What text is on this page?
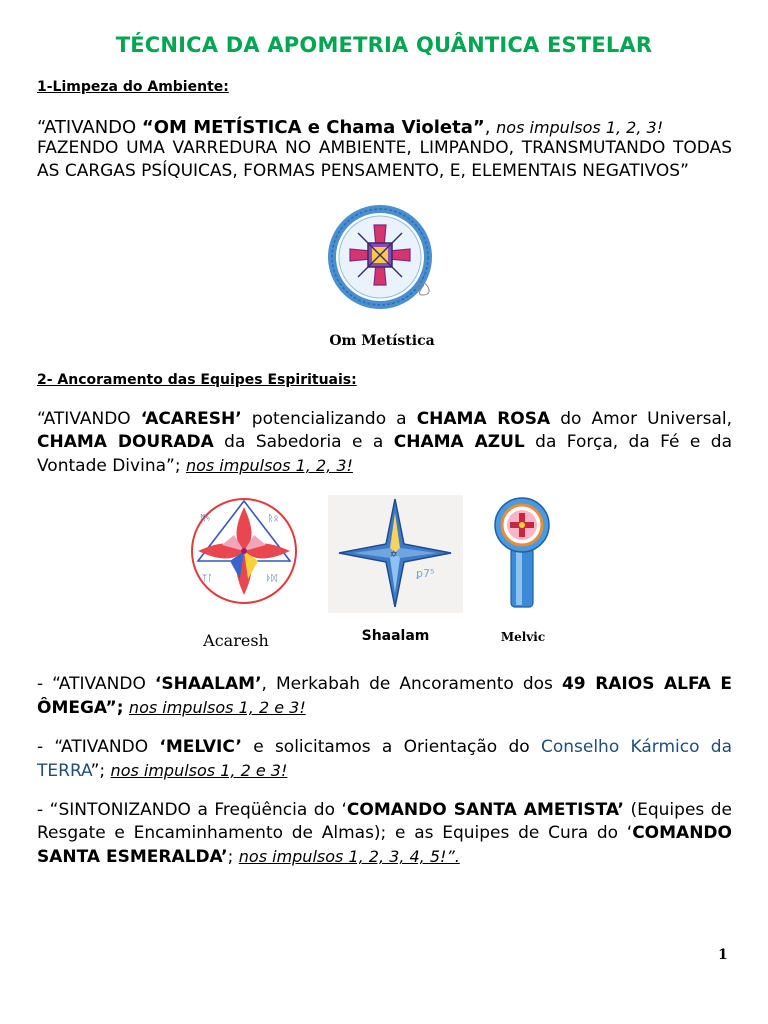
TÉCNICA DA APOMETRIA QUÂNTICA ESTELAR
1-Limpeza do Ambiente:
“ATIVANDO “OM METÍSTICA e Chama Violeta”, nos impulsos 1, 2, 3!
FAZENDO UMA VARREDURA NO AMBIENTE, LIMPANDO, TRANSMUTANDO TODAS AS CARGAS PSÍQUICAS, FORMAS PENSAMENTO, E, ELEMENTAIS NEGATIVOS”
Om Metística
2- Ancoramento das Equipes Espirituais:
“ATIVANDO ‘ACARESH’ potencializando a CHAMA ROSA do Amor Universal, CHAMA DOURADA da Sabedoria e a CHAMA AZUL da Força, da Fé e da Vontade Divina”; nos impulsos 1, 2, 3!
ᛗᛃ	ᚱᛟ
ᛉᛚ	ᚦᛞ
Acaresh
✡
ꝑ7⁵
Shaalam	Melvic
- “ATIVANDO ‘SHAALAM’, Merkabah de Ancoramento dos 49 RAIOS ALFA E ÔMEGA”; nos impulsos 1, 2 e 3!
- “ATIVANDO ‘MELVIC’ e solicitamos a Orientação do Conselho Kármico da TERRA”; nos impulsos 1, 2 e 3!
- “SINTONIZANDO a Freqüência do ‘COMANDO SANTA AMETISTA’ (Equipes de Resgate e Encaminhamento de Almas); e as Equipes de Cura do ‘COMANDO SANTA ESMERALDA’; nos impulsos 1, 2, 3, 4, 5!”.
1
